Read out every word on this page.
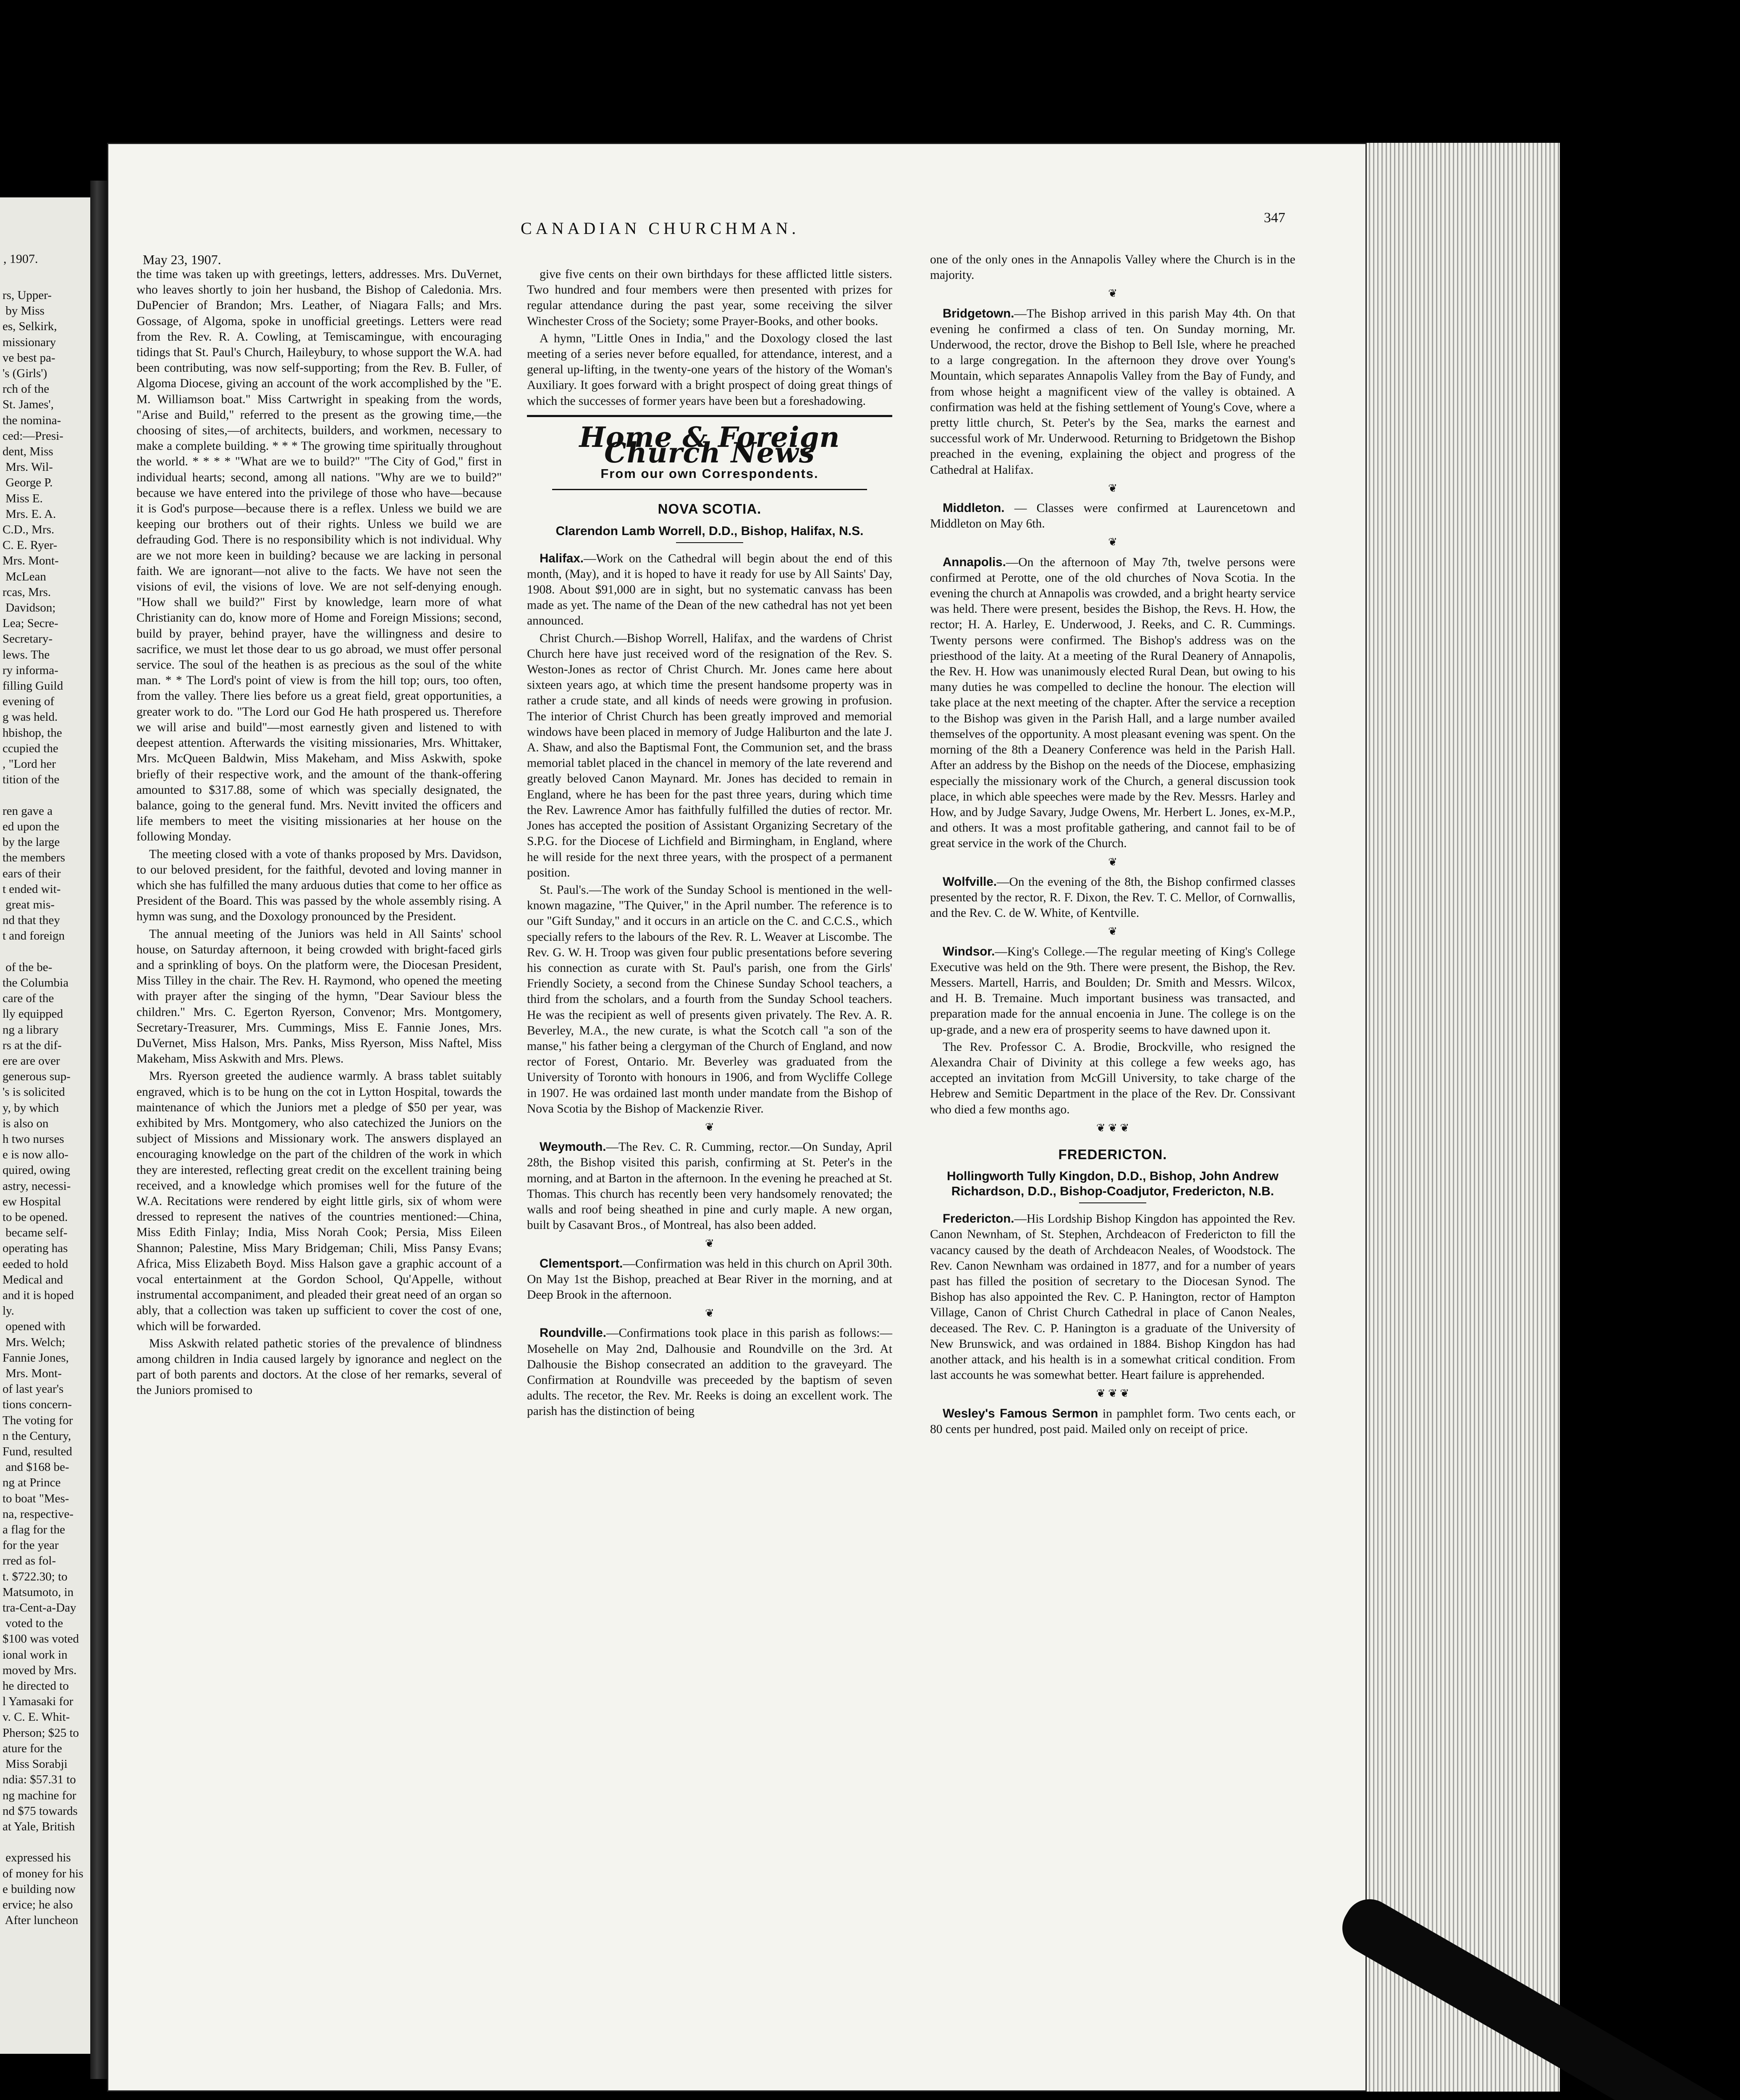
, 1907.
rs, Upper-
by Miss
es, Selkirk,
missionary
ve best pa-
's (Girls')
rch of the
St. James',
the nomina-
ced:—Presi-
dent, Miss
Mrs. Wil-
George P.
Miss E.
Mrs. E. A.
C.D., Mrs.
C. E. Ryer-
Mrs. Mont-
McLean
rcas, Mrs.
Davidson;
Lea; Secre-
Secretary-
lews. The
ry informa-
filling Guild
evening of
g was held.
hbishop, the
ccupied the
, "Lord her
tition of the

ren gave a
ed upon the
by the large
the members
ears of their
t ended wit-
great mis-
nd that they
t and foreign

of the be-
the Columbia
care of the
lly equipped
ng a library
rs at the dif-
ere are over
generous sup-
's is solicited
y, by which
is also on
h two nurses
e is now allo-
quired, owing
astry, necessi-
ew Hospital
to be opened.
became self-
operating has
eeded to hold
Medical and
and it is hoped
ly.
opened with
Mrs. Welch;
Fannie Jones,
Mrs. Mont-
of last year's
tions concern-
The voting for
n the Century,
Fund, resulted
and $168 be-
ng at Prince
to boat "Mes-
na, respective-
a flag for the
for the year
rred as fol-
t. $722.30; to
Matsumoto, in
tra-Cent-a-Day
voted to the
$100 was voted
ional work in
moved by Mrs.
he directed to
l Yamasaki for
v. C. E. Whit-
Pherson; $25 to
ature for the
Miss Sorabji
ndia: $57.31 to
ng machine for
nd $75 towards
at Yale, British

expressed his
of money for his
e building now
ervice; he also
After luncheon
CANADIAN CHURCHMAN.
347
May 23, 1907.

the time was taken up with greetings, letters, addresses. Mrs. DuVernet, who leaves shortly to join her husband, the Bishop of Caledonia. Mrs. DuPencier of Brandon; Mrs. Leather, of Niagara Falls; and Mrs. Gossage, of Algoma, spoke in unofficial greetings. Letters were read from the Rev. R. A. Cowling, at Temiscamingue, with encouraging tidings that St. Paul's Church, Haileybury, to whose support the W.A. had been contributing, was now self-supporting; from the Rev. B. Fuller, of Algoma Diocese, giving an account of the work accomplished by the "E. M. Williamson boat." Miss Cartwright in speaking from the words, "Arise and Build," referred to the present as the growing time,—the choosing of sites,—of architects, builders, and workmen, necessary to make a complete building. * * * The growing time spiritually throughout the world. * * * * "What are we to build?" "The City of God," first in individual hearts; second, among all nations. "Why are we to build?" because we have entered into the privilege of those who have—because it is God's purpose—because there is a reflex. Unless we build we are keeping our brothers out of their rights. Unless we build we are defrauding God. There is no responsibility which is not individual. Why are we not more keen in building? because we are lacking in personal faith. We are ignorant—not alive to the facts. We have not seen the visions of evil, the visions of love. We are not self-denying enough. "How shall we build?" First by knowledge, learn more of what Christianity can do, know more of Home and Foreign Missions; second, build by prayer, behind prayer, have the willingness and desire to sacrifice, we must let those dear to us go abroad, we must offer personal service. The soul of the heathen is as precious as the soul of the white man. * * The Lord's point of view is from the hill top; ours, too often, from the valley. There lies before us a great field, great opportunities, a greater work to do. "The Lord our God He hath prospered us. Therefore we will arise and build"—most earnestly given and listened to with deepest attention. Afterwards the visiting missionaries, Mrs. Whittaker, Mrs. McQueen Baldwin, Miss Makeham, and Miss Askwith, spoke briefly of their respective work, and the amount of the thank-offering amounted to $317.88, some of which was specially designated, the balance, going to the general fund. Mrs. Nevitt invited the officers and life members to meet the visiting missionaries at her house on the following Monday.

The meeting closed with a vote of thanks proposed by Mrs. Davidson, to our beloved president, for the faithful, devoted and loving manner in which she has fulfilled the many arduous duties that come to her office as President of the Board. This was passed by the whole assembly rising. A hymn was sung, and the Doxology pronounced by the President.

The annual meeting of the Juniors was held in All Saints' school house, on Saturday afternoon, it being crowded with bright-faced girls and a sprinkling of boys. On the platform were, the Diocesan President, Miss Tilley in the chair. The Rev. H. Raymond, who opened the meeting with prayer after the singing of the hymn, "Dear Saviour bless the children." Mrs. C. Egerton Ryerson, Convenor; Mrs. Montgomery, Secretary-Treasurer, Mrs. Cummings, Miss E. Fannie Jones, Mrs. DuVernet, Miss Halson, Mrs. Panks, Miss Ryerson, Miss Naftel, Miss Makeham, Miss Askwith and Mrs. Plews.

Mrs. Ryerson greeted the audience warmly. A brass tablet suitably engraved, which is to be hung on the cot in Lytton Hospital, towards the maintenance of which the Juniors met a pledge of $50 per year, was exhibited by Mrs. Montgomery, who also catechized the Juniors on the subject of Missions and Missionary work. The answers displayed an encouraging knowledge on the part of the children of the work in which they are interested, reflecting great credit on the excellent training being received, and a knowledge which promises well for the future of the W.A. Recitations were rendered by eight little girls, six of whom were dressed to represent the natives of the countries mentioned:—China, Miss Edith Finlay; India, Miss Norah Cook; Persia, Miss Eileen Shannon; Palestine, Miss Mary Bridgeman; Chili, Miss Pansy Evans; Africa, Miss Elizabeth Boyd. Miss Halson gave a graphic account of a vocal entertainment at the Gordon School, Qu'Appelle, without instrumental accompaniment, and pleaded their great need of an organ so ably, that a collection was taken up sufficient to cover the cost of one, which will be forwarded.

Miss Askwith related pathetic stories of the prevalence of blindness among children in India caused largely by ignorance and neglect on the part of both parents and doctors. At the close of her remarks, several of the Juniors promised to

give five cents on their own birthdays for these afflicted little sisters. Two hundred and four members were then presented with prizes for regular attendance during the past year, some receiving the silver Winchester Cross of the Society; some Prayer-Books, and other books.

A hymn, "Little Ones in India," and the Doxology closed the last meeting of a series never before equalled, for attendance, interest, and a general up-lifting, in the twenty-one years of the history of the Woman's Auxiliary. It goes forward with a bright prospect of doing great things of which the successes of former years have been but a foreshadowing.

Home & Foreign Church News
From our own Correspondents.
NOVA SCOTIA.
Clarendon Lamb Worrell, D.D., Bishop, Halifax, N.S.

Halifax.—Work on the Cathedral will begin about the end of this month, (May), and it is hoped to have it ready for use by All Saints' Day, 1908. About $91,000 are in sight, but no systematic canvass has been made as yet. The name of the Dean of the new cathedral has not yet been announced.

Christ Church.—Bishop Worrell, Halifax, and the wardens of Christ Church here have just received word of the resignation of the Rev. S. Weston-Jones as rector of Christ Church. Mr. Jones came here about sixteen years ago, at which time the present handsome property was in rather a crude state, and all kinds of needs were growing in profusion. The interior of Christ Church has been greatly improved and memorial windows have been placed in memory of Judge Haliburton and the late J. A. Shaw, and also the Baptismal Font, the Communion set, and the brass memorial tablet placed in the chancel in memory of the late reverend and greatly beloved Canon Maynard. Mr. Jones has decided to remain in England, where he has been for the past three years, during which time the Rev. Lawrence Amor has faithfully fulfilled the duties of rector. Mr. Jones has accepted the position of Assistant Organizing Secretary of the S.P.G. for the Diocese of Lichfield and Birmingham, in England, where he will reside for the next three years, with the prospect of a permanent position.

St. Paul's.—The work of the Sunday School is mentioned in the well-known magazine, "The Quiver," in the April number. The reference is to our "Gift Sunday," and it occurs in an article on the C. and C.C.S., which specially refers to the labours of the Rev. R. L. Weaver at Liscombe. The Rev. G. W. H. Troop was given four public presentations before severing his connection as curate with St. Paul's parish, one from the Girls' Friendly Society, a second from the Chinese Sunday School teachers, a third from the scholars, and a fourth from the Sunday School teachers. He was the recipient as well of presents given privately. The Rev. A. R. Beverley, M.A., the new curate, is what the Scotch call "a son of the manse," his father being a clergyman of the Church of England, and now rector of Forest, Ontario. Mr. Beverley was graduated from the University of Toronto with honours in 1906, and from Wycliffe College in 1907. He was ordained last month under mandate from the Bishop of Nova Scotia by the Bishop of Mackenzie River.

❦

Weymouth.—The Rev. C. R. Cumming, rector.—On Sunday, April 28th, the Bishop visited this parish, confirming at St. Peter's in the morning, and at Barton in the afternoon. In the evening he preached at St. Thomas. This church has recently been very handsomely renovated; the walls and roof being sheathed in pine and curly maple. A new organ, built by Casavant Bros., of Montreal, has also been added.

❦

Clementsport.—Confirmation was held in this church on April 30th. On May 1st the Bishop, preached at Bear River in the morning, and at Deep Brook in the afternoon.

❦

Roundville.—Confirmations took place in this parish as follows:—Mosehelle on May 2nd, Dalhousie and Roundville on the 3rd. At Dalhousie the Bishop consecrated an addition to the graveyard. The Confirmation at Roundville was preceeded by the baptism of seven adults. The recetor, the Rev. Mr. Reeks is doing an excellent work. The parish has the distinction of being

one of the only ones in the Annapolis Valley where the Church is in the majority.

❦

Bridgetown.—The Bishop arrived in this parish May 4th. On that evening he confirmed a class of ten. On Sunday morning, Mr. Underwood, the rector, drove the Bishop to Bell Isle, where he preached to a large congregation. In the afternoon they drove over Young's Mountain, which separates Annapolis Valley from the Bay of Fundy, and from whose height a magnificent view of the valley is obtained. A confirmation was held at the fishing settlement of Young's Cove, where a pretty little church, St. Peter's by the Sea, marks the earnest and successful work of Mr. Underwood. Returning to Bridgetown the Bishop preached in the evening, explaining the object and progress of the Cathedral at Halifax.

❦

Middleton. — Classes were confirmed at Laurencetown and Middleton on May 6th.

❦

Annapolis.—On the afternoon of May 7th, twelve persons were confirmed at Perotte, one of the old churches of Nova Scotia. In the evening the church at Annapolis was crowded, and a bright hearty service was held. There were present, besides the Bishop, the Revs. H. How, the rector; H. A. Harley, E. Underwood, J. Reeks, and C. R. Cummings. Twenty persons were confirmed. The Bishop's address was on the priesthood of the laity. At a meeting of the Rural Deanery of Annapolis, the Rev. H. How was unanimously elected Rural Dean, but owing to his many duties he was compelled to decline the honour. The election will take place at the next meeting of the chapter. After the service a reception to the Bishop was given in the Parish Hall, and a large number availed themselves of the opportunity. A most pleasant evening was spent. On the morning of the 8th a Deanery Conference was held in the Parish Hall. After an address by the Bishop on the needs of the Diocese, emphasizing especially the missionary work of the Church, a general discussion took place, in which able speeches were made by the Rev. Messrs. Harley and How, and by Judge Savary, Judge Owens, Mr. Herbert L. Jones, ex-M.P., and others. It was a most profitable gathering, and cannot fail to be of great service in the work of the Church.

❦

Wolfville.—On the evening of the 8th, the Bishop confirmed classes presented by the rector, R. F. Dixon, the Rev. T. C. Mellor, of Cornwallis, and the Rev. C. de W. White, of Kentville.

❦

Windsor.—King's College.—The regular meeting of King's College Executive was held on the 9th. There were present, the Bishop, the Rev. Messers. Martell, Harris, and Boulden; Dr. Smith and Messrs. Wilcox, and H. B. Tremaine. Much important business was transacted, and preparation made for the annual encoenia in June. The college is on the up-grade, and a new era of prosperity seems to have dawned upon it.

The Rev. Professor C. A. Brodie, Brockville, who resigned the Alexandra Chair of Divinity at this college a few weeks ago, has accepted an invitation from McGill University, to take charge of the Hebrew and Semitic Department in the place of the Rev. Dr. Conssivant who died a few months ago.

❦ ❦ ❦
FREDERICTON.
Hollingworth Tully Kingdon, D.D., Bishop, John Andrew Richardson, D.D., Bishop-Coadjutor, Fredericton, N.B.

Fredericton.—His Lordship Bishop Kingdon has appointed the Rev. Canon Newnham, of St. Stephen, Archdeacon of Fredericton to fill the vacancy caused by the death of Archdeacon Neales, of Woodstock. The Rev. Canon Newnham was ordained in 1877, and for a number of years past has filled the position of secretary to the Diocesan Synod. The Bishop has also appointed the Rev. C. P. Hanington, rector of Hampton Village, Canon of Christ Church Cathedral in place of Canon Neales, deceased. The Rev. C. P. Hanington is a graduate of the University of New Brunswick, and was ordained in 1884. Bishop Kingdon has had another attack, and his health is in a somewhat critical condition. From last accounts he was somewhat better. Heart failure is apprehended.

❦ ❦ ❦

Wesley's Famous Sermon in pamphlet form. Two cents each, or 80 cents per hundred, post paid. Mailed only on receipt of price.
